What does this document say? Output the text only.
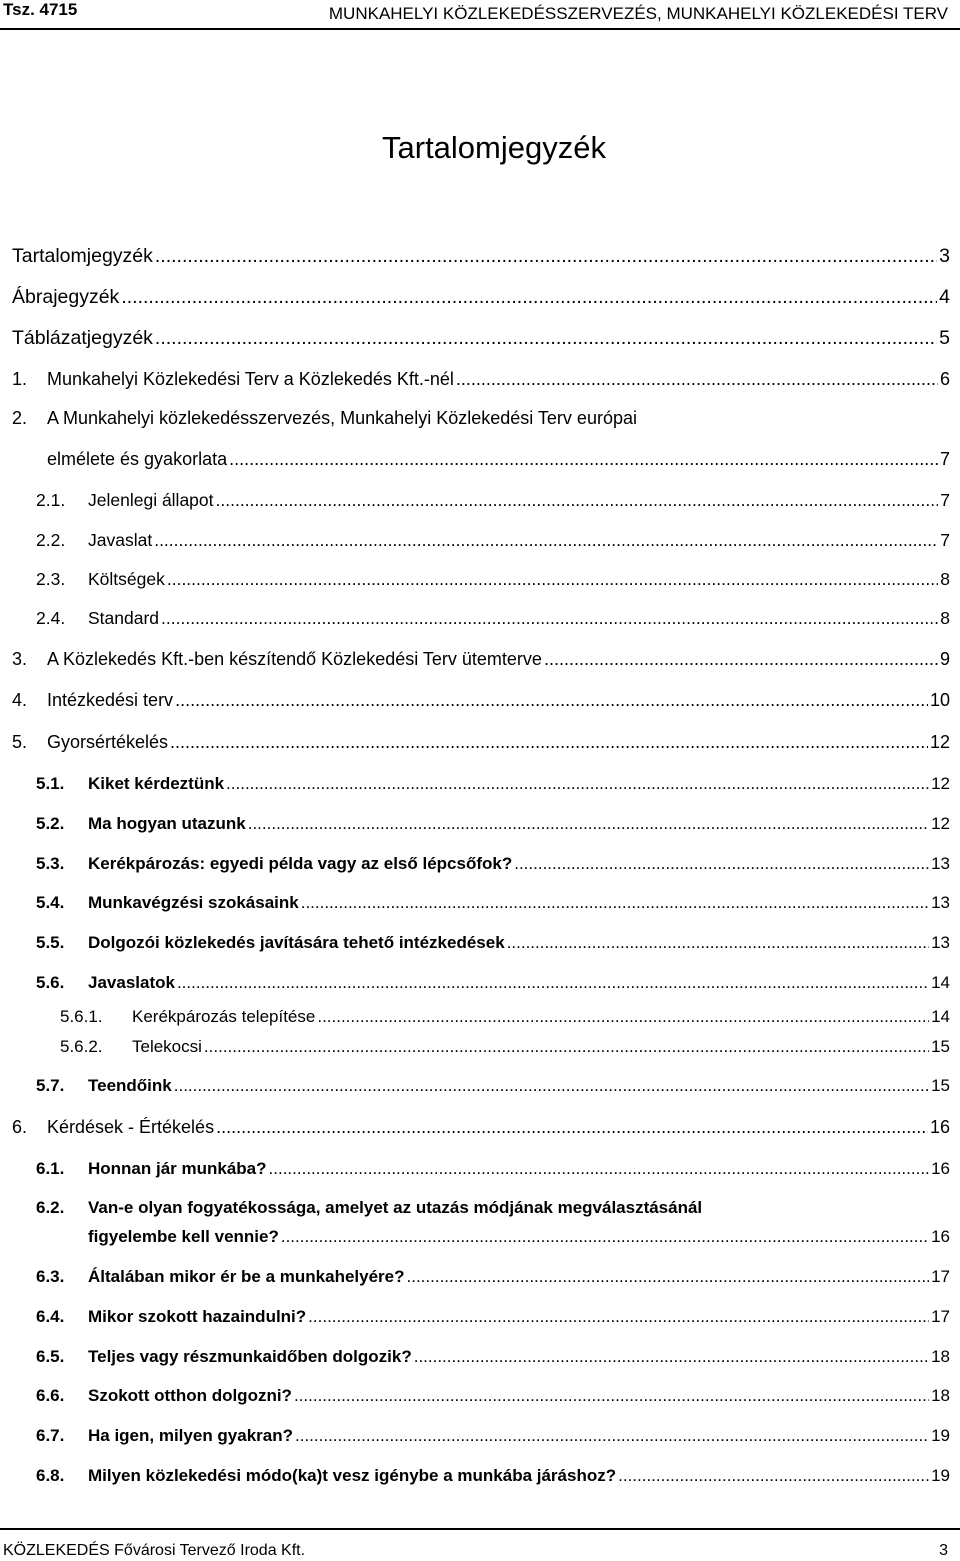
Tsz. 4715	MUNKAHELYI KÖZLEKEDÉSSZERVEZÉS, MUNKAHELYI KÖZLEKEDÉSI TERV
Tartalomjegyzék
Tartalomjegyzék .....	3
Ábrajegyzék .....	4
Táblázatjegyzék .....	5
1.	Munkahelyi Közlekedési Terv a Közlekedés Kft.-nél .....	6
2. A Munkahelyi közlekedésszervezés, Munkahelyi Közlekedési Terv európai
elmélete és gyakorlata .....	7
2.1.	Jelenlegi állapot .....	7
2.2.	Javaslat .....	7
2.3.	Költségek .....	8
2.4.	Standard .....	8
3.	A Közlekedés Kft.-ben készítendő Közlekedési Terv ütemterve .....	9
4.	Intézkedési terv .....	10
5.	Gyorsértékelés .....	12
5.1.	Kiket kérdeztünk .....	12
5.2.	Ma hogyan utazunk .....	12
5.3.	Kerékpározás: egyedi példa vagy az első lépcsőfok? .....	13
5.4.	Munkavégzési szokásaink .....	13
5.5.	Dolgozói közlekedés javítására tehető intézkedések .....	13
5.6.	Javaslatok .....	14
5.6.1.	Kerékpározás telepítése .....	14
5.6.2.	Telekocsi .....	15
5.7.	Teendőink .....	15
6.	Kérdések - Értékelés .....	16
6.1.	Honnan jár munkába? .....	16
6.2. Van-e olyan fogyatékossága, amelyet az utazás módjának megválasztásánál
figyelembe kell vennie? .....	16
6.3.	Általában mikor ér be a munkahelyére? .....	17
6.4.	Mikor szokott hazaindulni? .....	17
6.5.	Teljes vagy részmunkaidőben dolgozik? .....	18
6.6.	Szokott otthon dolgozni? .....	18
6.7.	Ha igen, milyen gyakran? .....	19
6.8.	Milyen közlekedési módo(ka)t vesz igénybe a munkába járáshoz? .....	19
KÖZLEKEDÉS Fővárosi Tervező Iroda Kft.	3
